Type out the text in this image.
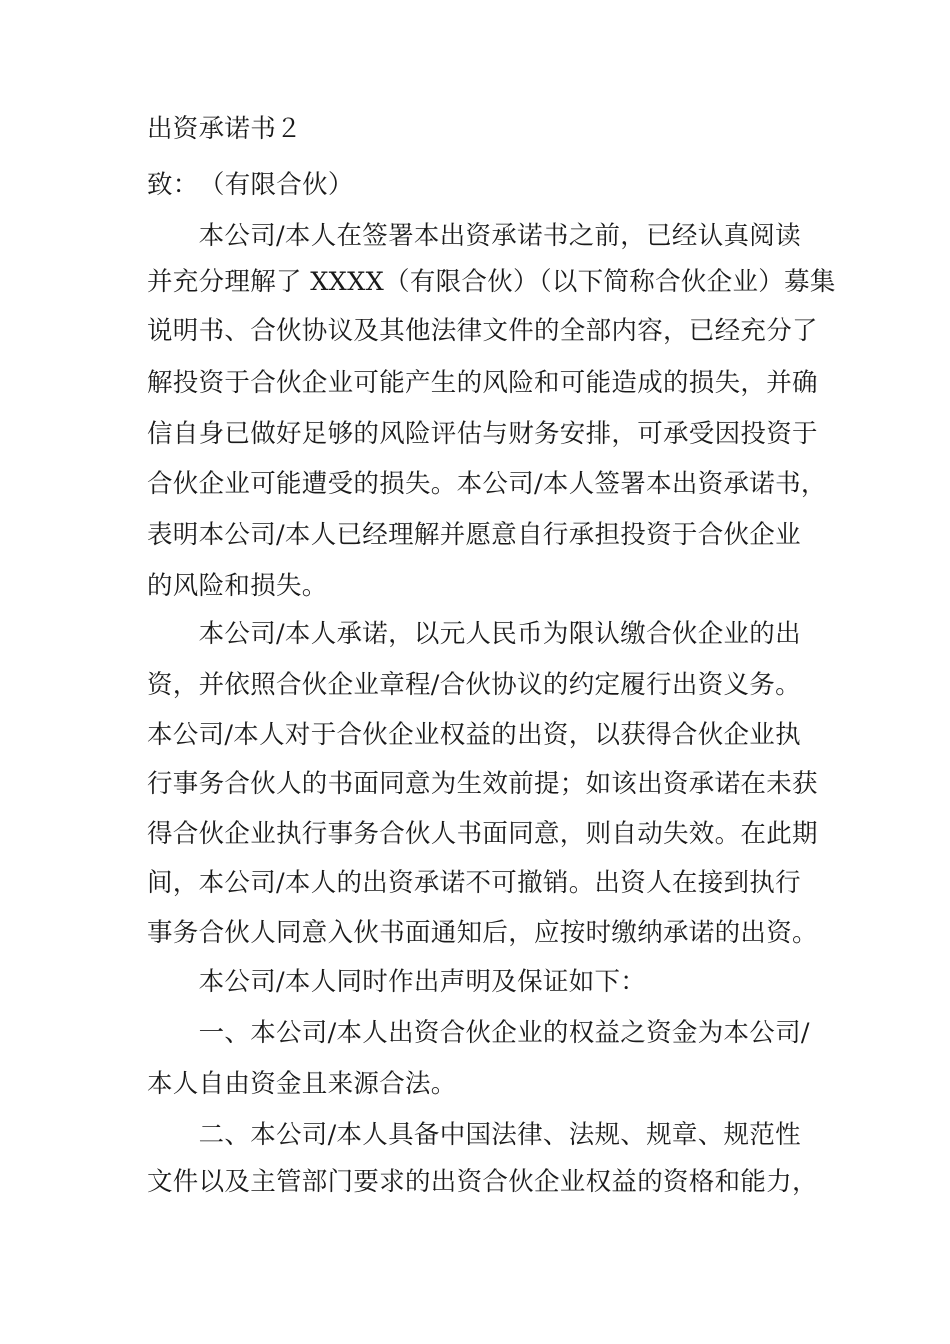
出资承诺书２
致：　（有限合伙）
　　本公司/本人在签署本出资承诺书之前，已经认真阅读
并充分理解了 XXXX（有限合伙）（以下简称合伙企业）募集
说明书、合伙协议及其他法律文件的全部内容，已经充分了
解投资于合伙企业可能产生的风险和可能造成的损失，并确
信自身已做好足够的风险评估与财务安排，可承受因投资于
合伙企业可能遭受的损失。本公司/本人签署本出资承诺书，
表明本公司/本人已经理解并愿意自行承担投资于合伙企业
的风险和损失。
　　本公司/本人承诺，以元人民币为限认缴合伙企业的出
资，并依照合伙企业章程/合伙协议的约定履行出资义务。
本公司/本人对于合伙企业权益的出资，以获得合伙企业执
行事务合伙人的书面同意为生效前提；如该出资承诺在未获
得合伙企业执行事务合伙人书面同意，则自动失效。在此期
间，本公司/本人的出资承诺不可撤销。出资人在接到执行
事务合伙人同意入伙书面通知后，应按时缴纳承诺的出资。
　　本公司/本人同时作出声明及保证如下：
　　一、本公司/本人出资合伙企业的权益之资金为本公司/
本人自由资金且来源合法。
　　二、本公司/本人具备中国法律、法规、规章、规范性
文件以及主管部门要求的出资合伙企业权益的资格和能力，
